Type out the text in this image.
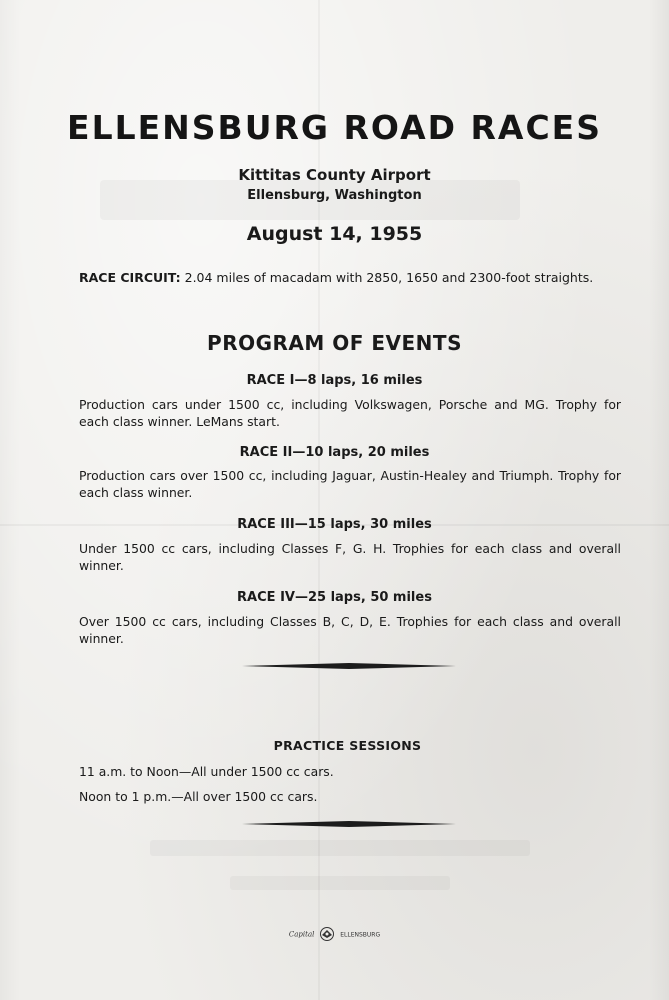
ELLENSBURG ROAD RACES
Kittitas County Airport
Ellensburg, Washington
August 14, 1955
RACE CIRCUIT: 2.04 miles of macadam with 2850, 1650 and 2300-foot straights.
PROGRAM OF EVENTS
RACE I—8 laps, 16 miles
Production cars under 1500 cc, including Volkswagen, Porsche and MG. Trophy for each class winner. LeMans start.
RACE II—10 laps, 20 miles
Production cars over 1500 cc, including Jaguar, Austin-Healey and Triumph. Trophy for each class winner.
RACE III—15 laps, 30 miles
Under 1500 cc cars, including Classes F, G. H. Trophies for each class and overall winner.
RACE IV—25 laps, 50 miles
Over 1500 cc cars, including Classes B, C, D, E. Trophies for each class and overall winner.
PRACTICE SESSIONS
11 a.m. to Noon—All under 1500 cc cars.
Noon to 1 p.m.—All over 1500 cc cars.
Capital	ELLENSBURG
